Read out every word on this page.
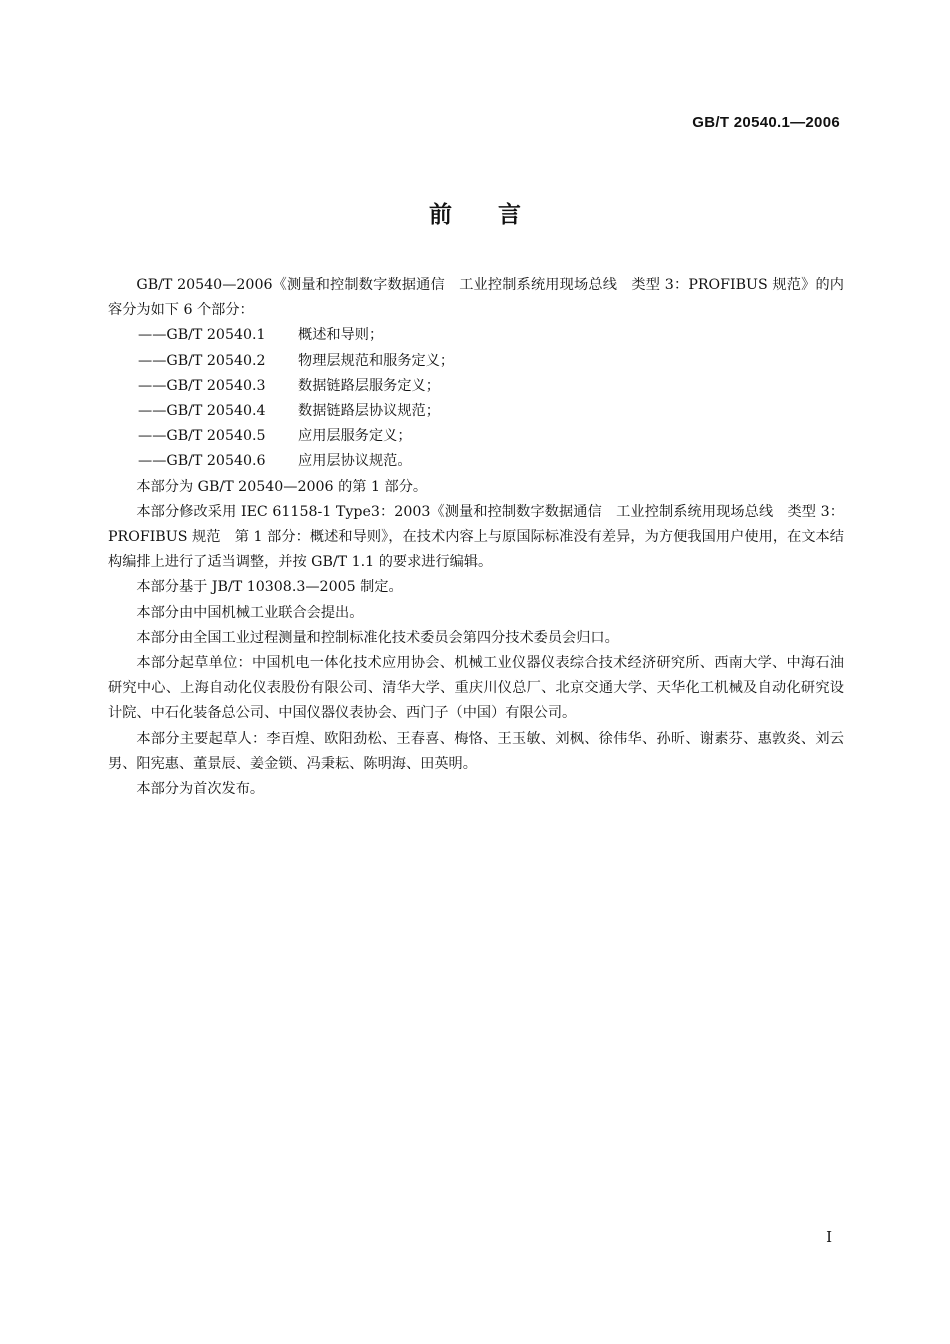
GB/T 20540.1—2006
前 言

GB/T 20540—2006《测量和控制数字数据通信　工业控制系统用现场总线　类型 3：PROFIBUS 规范》的内容分为如下 6 个部分：

——GB/T 20540.1 概述和导则；

——GB/T 20540.2 物理层规范和服务定义；

——GB/T 20540.3 数据链路层服务定义；

——GB/T 20540.4 数据链路层协议规范；

——GB/T 20540.5 应用层服务定义；

——GB/T 20540.6 应用层协议规范。

本部分为 GB/T 20540—2006 的第 1 部分。

本部分修改采用 IEC 61158-1 Type3：2003《测量和控制数字数据通信　工业控制系统用现场总线　类型 3：PROFIBUS 规范　第 1 部分：概述和导则》，在技术内容上与原国际标准没有差异，为方便我国用户使用，在文本结构编排上进行了适当调整，并按 GB/T 1.1 的要求进行编辑。

本部分基于 JB/T 10308.3—2005 制定。

本部分由中国机械工业联合会提出。

本部分由全国工业过程测量和控制标准化技术委员会第四分技术委员会归口。

本部分起草单位：中国机电一体化技术应用协会、机械工业仪器仪表综合技术经济研究所、西南大学、中海石油研究中心、上海自动化仪表股份有限公司、清华大学、重庆川仪总厂、北京交通大学、天华化工机械及自动化研究设计院、中石化装备总公司、中国仪器仪表协会、西门子（中国）有限公司。

本部分主要起草人：李百煌、欧阳劲松、王春喜、梅恪、王玉敏、刘枫、徐伟华、孙昕、谢素芬、惠敦炎、刘云男、阳宪惠、董景辰、姜金锁、冯秉耘、陈明海、田英明。

本部分为首次发布。

I
